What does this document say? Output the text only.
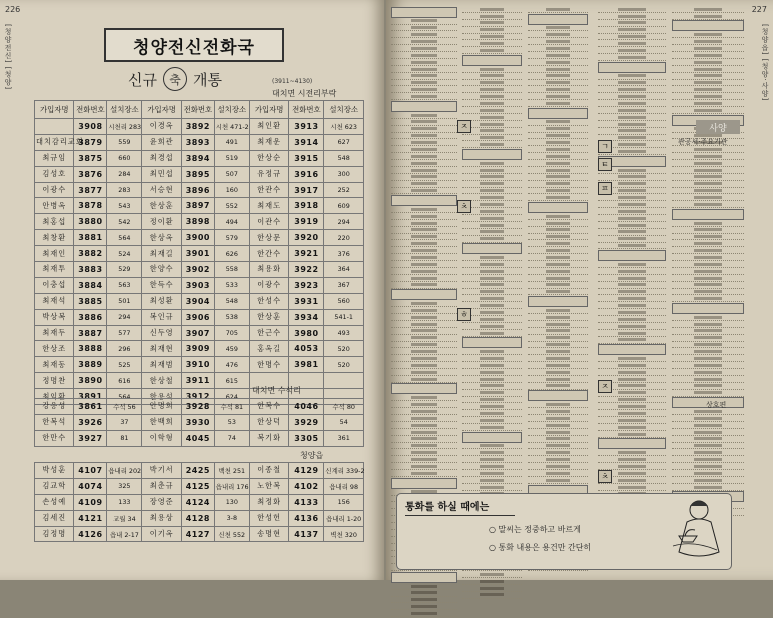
226
[청양전신] [청양]	청양전신전화국
신규 축 개통	(3911~4130)
대치면 시전리부락
가입자명	전화번호	설치장소	가입자명	전화번호	설치장소	가입자명	전화번호	설치장소
	3908	시천리 283	이경옥	3892	시천 471-2	최인환	3913	시천 623
대치감리교회	3879	559	윤희관	3893	491	최재운	3914	627
최규임	3875	660	최경섭	3894	519	한상순	3915	548
김성호	3876	284	최민섭	3895	507	유정규	3916	300
이광수	3877	283	서승현	3896	160	한관수	3917	252
안병옥	3878	543	한상훈	3897	552	최재도	3918	609
최홍섭	3880	542	정이환	3898	494	이관수	3919	294
최창환	3881	564	한상옥	3900	579	한상문	3920	220
최재인	3882	524	최재길	3901	626	한간수	3921	376
최재투	3883	529	한양수	3902	558	최용화	3922	364
이충섭	3884	563	한득수	3903	533	이광수	3923	367
최재석	3885	501	최성환	3904	548	한성수	3931	560
박상복	3886	294	복인규	3906	538	한상훈	3934	541-1
최재두	3887	577	신두영	3907	705	한근수	3980	493
한상조	3888	296	최재현	3909	459	홍옥길	4053	520
최재동	3889	525	최재범	3910	476	한명수	3981	520
정명찬	3890	616	한상철	3911	615			
최익환	3891	564	한용석	3912	624			
대치면 수석리
강응성	3861	수석 56	안명희	3928	수석 81	한복수	4046	수석 80
한복석	3926	37	한백희	3930	53	한상덕	3929	54
한만수	3927	81	이학형	4045	74	복기화	3305	361
청양읍
박성훈	4107	읍내리 202	박기서	2425	백천 251	이종철	4129	신계리 339-2
김교학	4074	325	최춘규	4125	읍내리 176	노한복	4102	읍내리 98
손성예	4109	133	장영준	4124	130	최정화	4133	156
김세진	4121	교월 34	최용상	4128	3-8	한성헌	4136	읍내리 1-20
김정명	4126	읍내 2-17	이기옥	4127	신천 552	송명현	4137	벽천 320
227
[청양읍] [청양·사양]
ㅈ
ㅊ
ㄱ
ㅌ
ㅍ
ㅎ
ㅈ
ㅊ
사양
관공서·주요기관
상호편
통화를 하실 때에는
○ 말씨는 정중하고 바르게
○ 통화 내용은 용건만 간단히
